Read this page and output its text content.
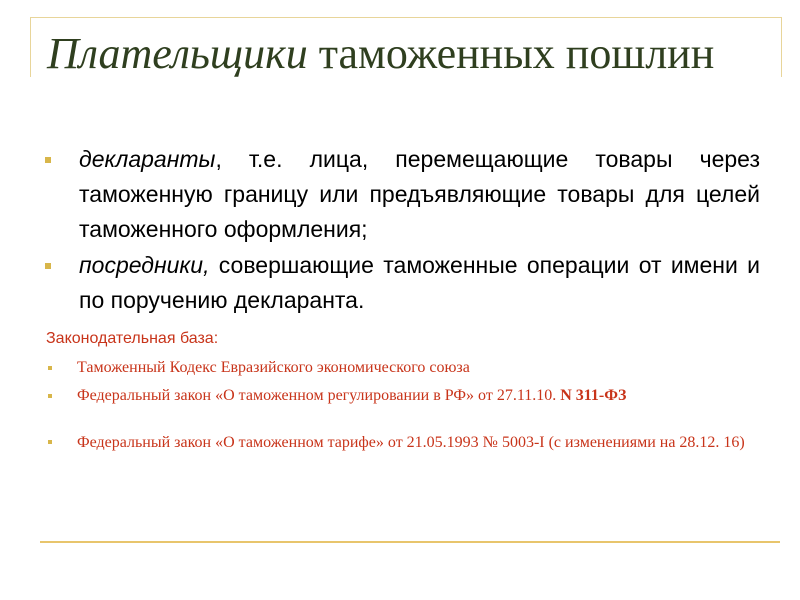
Плательщики таможенных пошлин
декларанты, т.е. лица, перемещающие товары через таможенную границу или предъявляющие товары для целей таможенного оформления;
посредники, совершающие таможенные операции от имени и по поручению декларанта.
Законодательная база:
Таможенный Кодекс Евразийского экономического союза
Федеральный закон «О таможенном регулировании в РФ» от 27.11.10. N 311-ФЗ
Федеральный закон «О таможенном тарифе» от 21.05.1993 № 5003-I (с изменениями на 28.12. 16)
